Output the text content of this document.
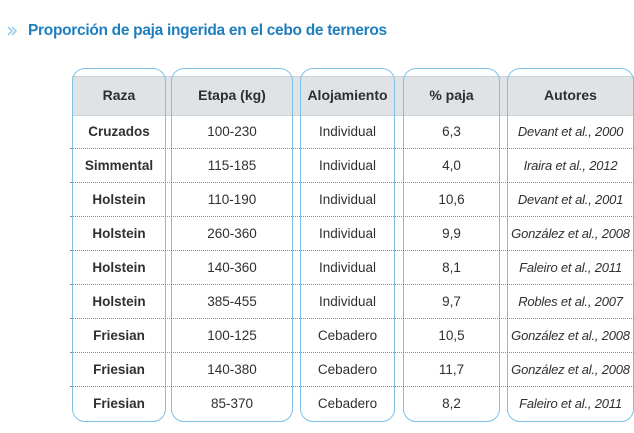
Proporción de paja ingerida en el cebo de terneros
Raza	Etapa (kg)	Alojamiento	% paja	Autores
Cruzados	100-230	Individual	6,3	Devant et al., 2000
Simmental	115-185	Individual	4,0	Iraira et al., 2012
Holstein	110-190	Individual	10,6	Devant et al., 2001
Holstein	260-360	Individual	9,9	González et al., 2008
Holstein	140-360	Individual	8,1	Faleiro et al., 2011
Holstein	385-455	Individual	9,7	Robles et al., 2007
Friesian	100-125	Cebadero	10,5	González et al., 2008
Friesian	140-380	Cebadero	11,7	González et al., 2008
Friesian	85-370	Cebadero	8,2	Faleiro et al., 2011
